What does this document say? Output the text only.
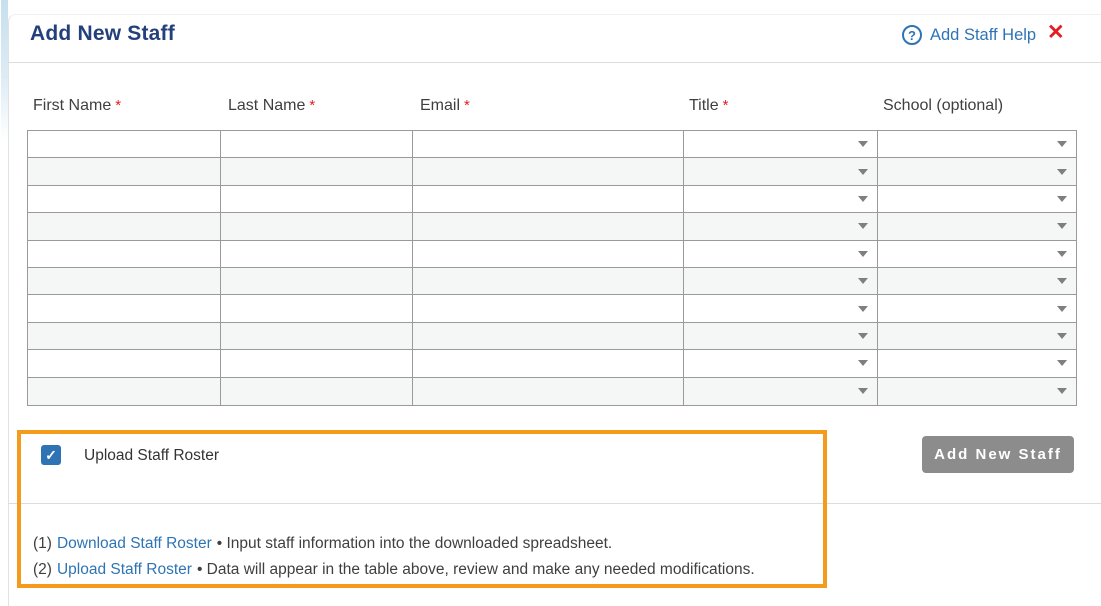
Add New Staff	? Add Staff Help ✕
First Name *	Last Name *	Email *	Title *	School (optional)
✓ Upload Staff Roster
(1) Download Staff Roster • Input staff information into the downloaded spreadsheet.
(2) Upload Staff Roster • Data will appear in the table above, review and make any needed modifications.
Add New Staff
